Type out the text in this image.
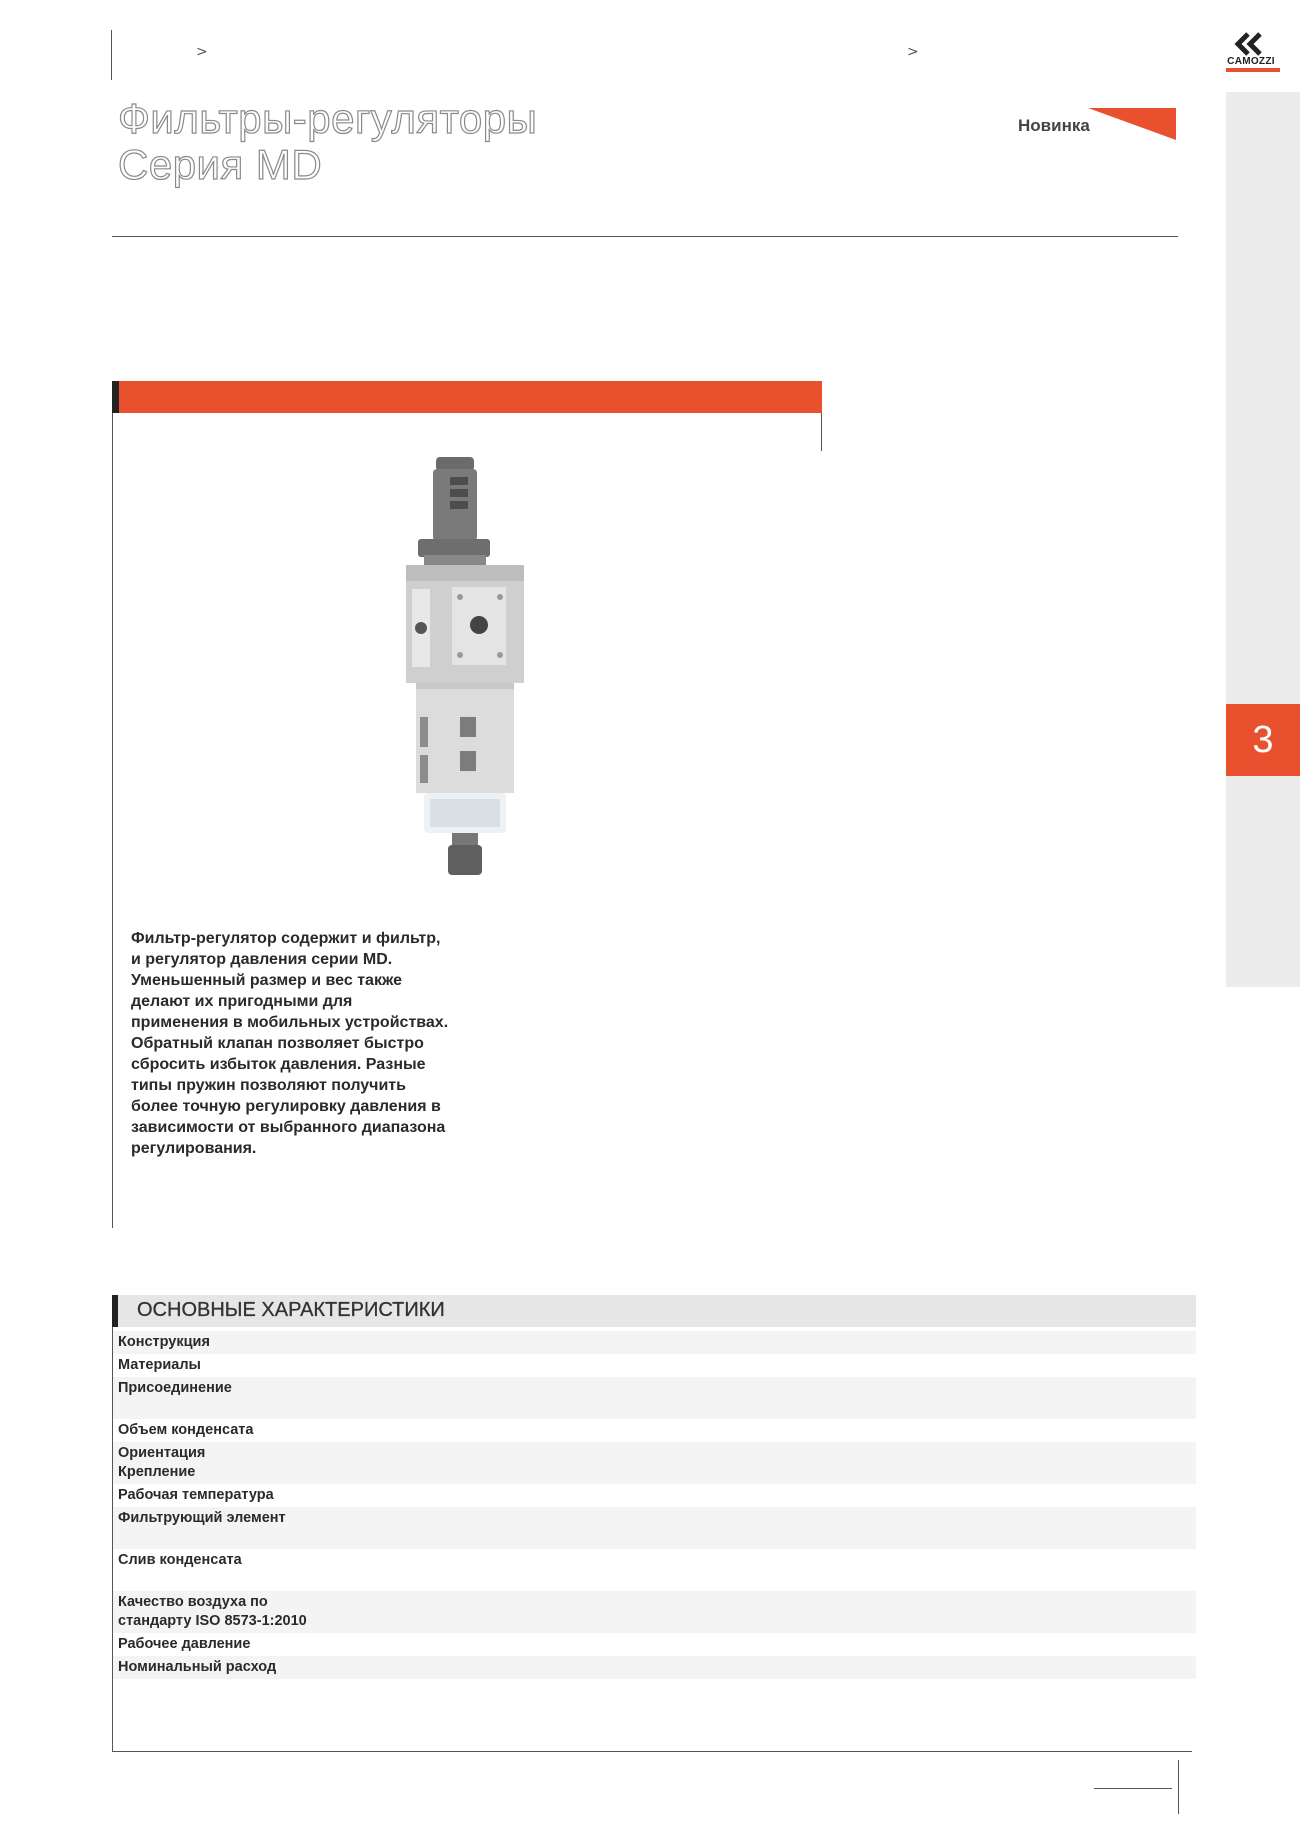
>	>
Фильтры-регуляторы
Серия MD
Новинка
CAMOZZI
3
Фильтр-регулятор содержит и фильтр, и регулятор давления серии MD. Уменьшенный размер и вес также делают их пригодными для применения в мобильных устройствах. Обратный клапан позволяет быстро сбросить избыток давления. Разные типы пружин позволяют получить более точную регулировку давления в зависимости от выбранного диапазона регулирования.
ОСНОВНЫЕ ХАРАКТЕРИСТИКИ
Конструкция
Материалы
Присоединение
Объем конденсата
Ориентация
Крепление
Рабочая температура
Фильтрующий элемент
Слив конденсата
Качество воздуха по
стандарту ISO 8573-1:2010
Рабочее давление
Номинальный расход
